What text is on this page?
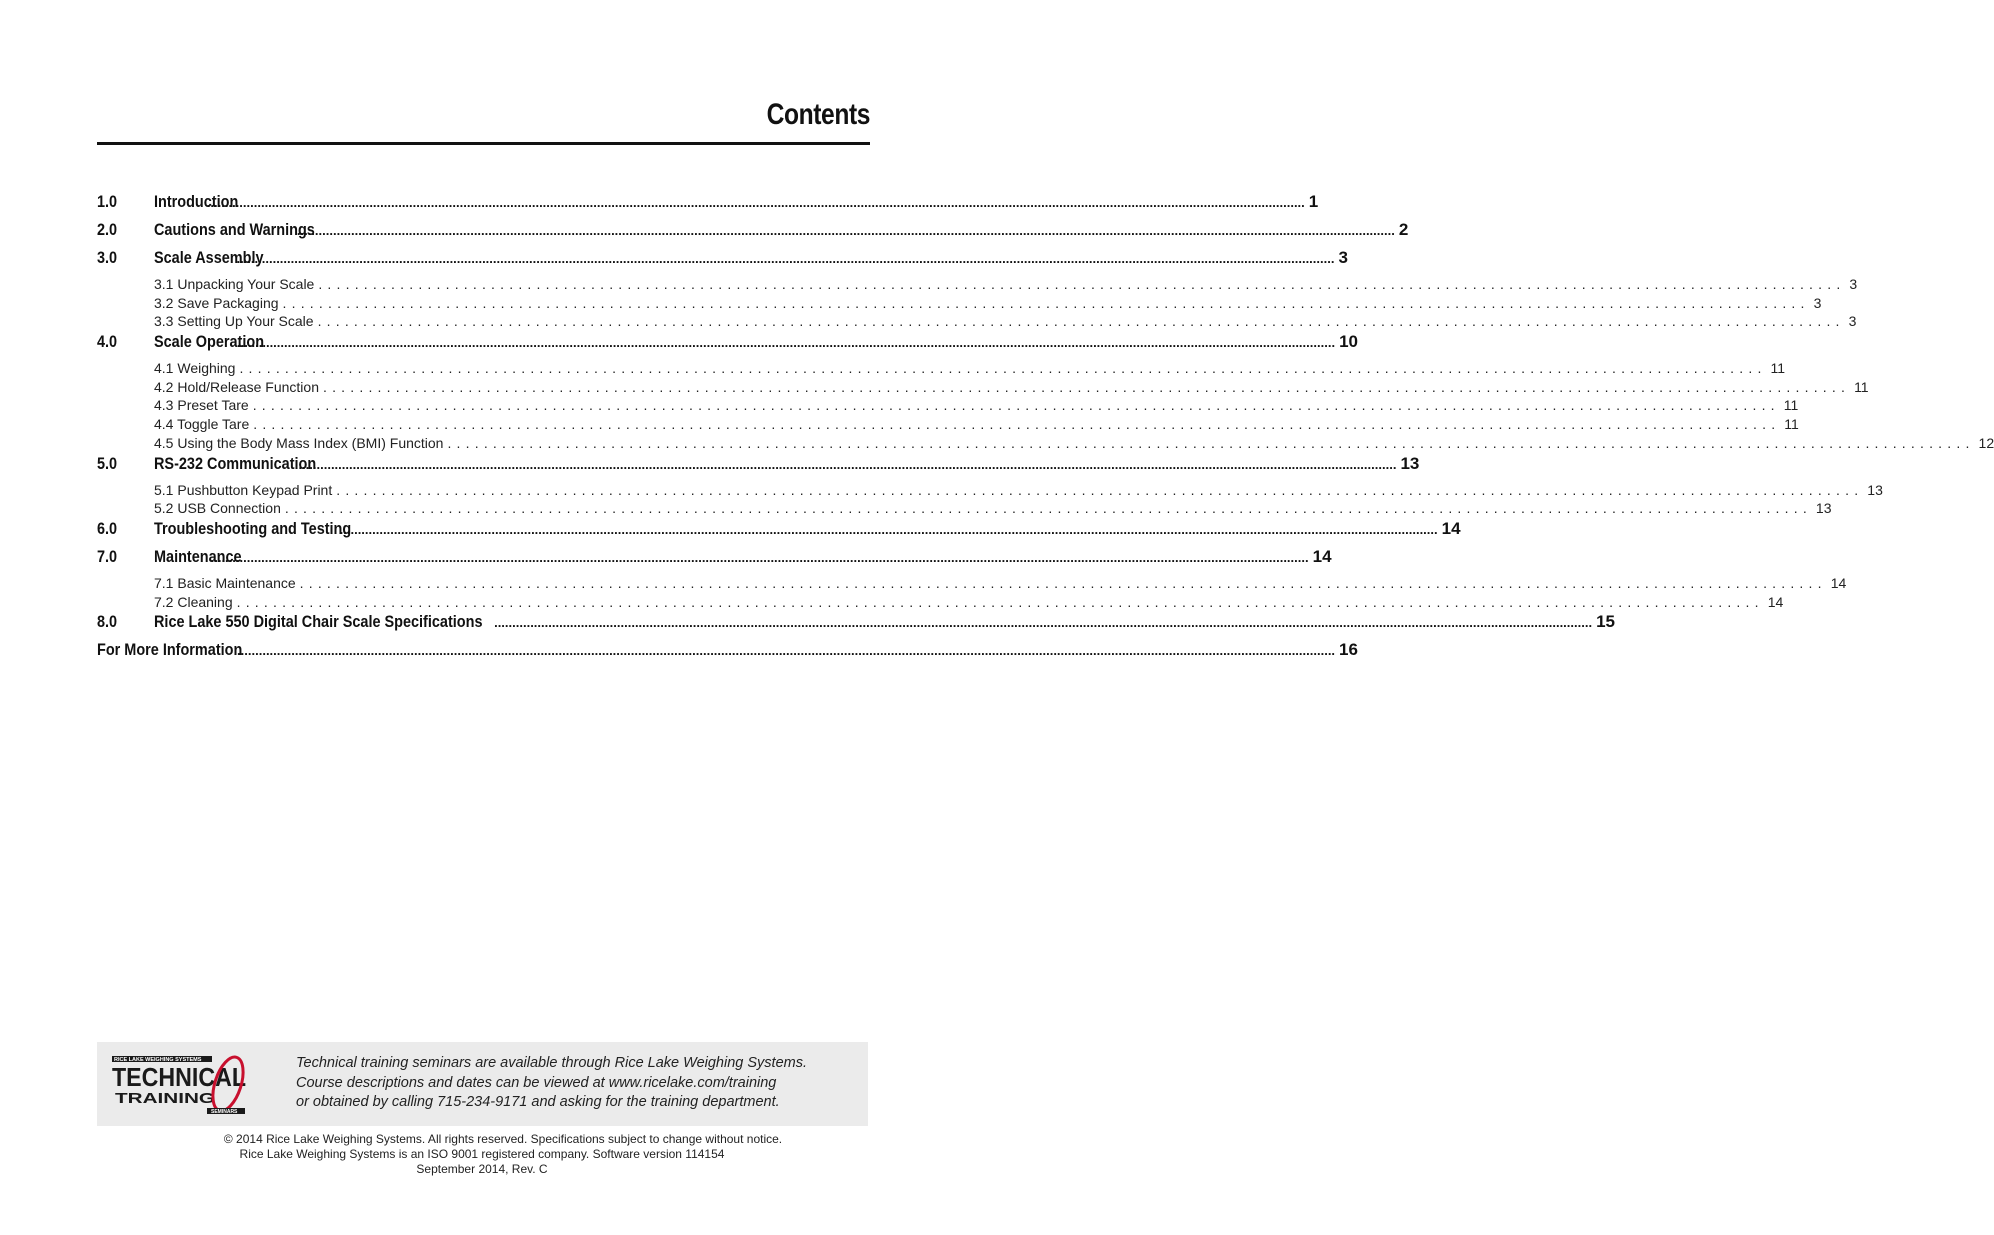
Contents
1.0	Introduction .....	1
2.0	Cautions and Warnings .....	2
3.0	Scale Assembly .....	3
3.1 Unpacking Your Scale .....	3
3.2 Save Packaging .....	3
3.3 Setting Up Your Scale .....	3
4.0	Scale Operation .....	10
4.1 Weighing .....	11
4.2 Hold/Release Function .....	11
4.3 Preset Tare .....	11
4.4 Toggle Tare .....	11
4.5 Using the Body Mass Index (BMI) Function .....	12
5.0	RS-232 Communication .....	13
5.1 Pushbutton Keypad Print .....	13
5.2 USB Connection .....	13
6.0	Troubleshooting and Testing .....	14
7.0	Maintenance .....	14
7.1 Basic Maintenance .....	14
7.2 Cleaning .....	14
8.0	Rice Lake 550 Digital Chair Scale Specifications .....	15
For More Information .....	16
RICE LAKE WEIGHING SYSTEMS
TECHNICAL
TRAINING
SEMINARS
Technical training seminars are available through Rice Lake Weighing Systems.
Course descriptions and dates can be viewed at www.ricelake.com/training
or obtained by calling 715-234-9171 and asking for the training department.
© 2014 Rice Lake Weighing Systems. All rights reserved. Specifications subject to change without notice.
Rice Lake Weighing Systems is an ISO 9001 registered company. Software version 114154
September 2014, Rev. C
